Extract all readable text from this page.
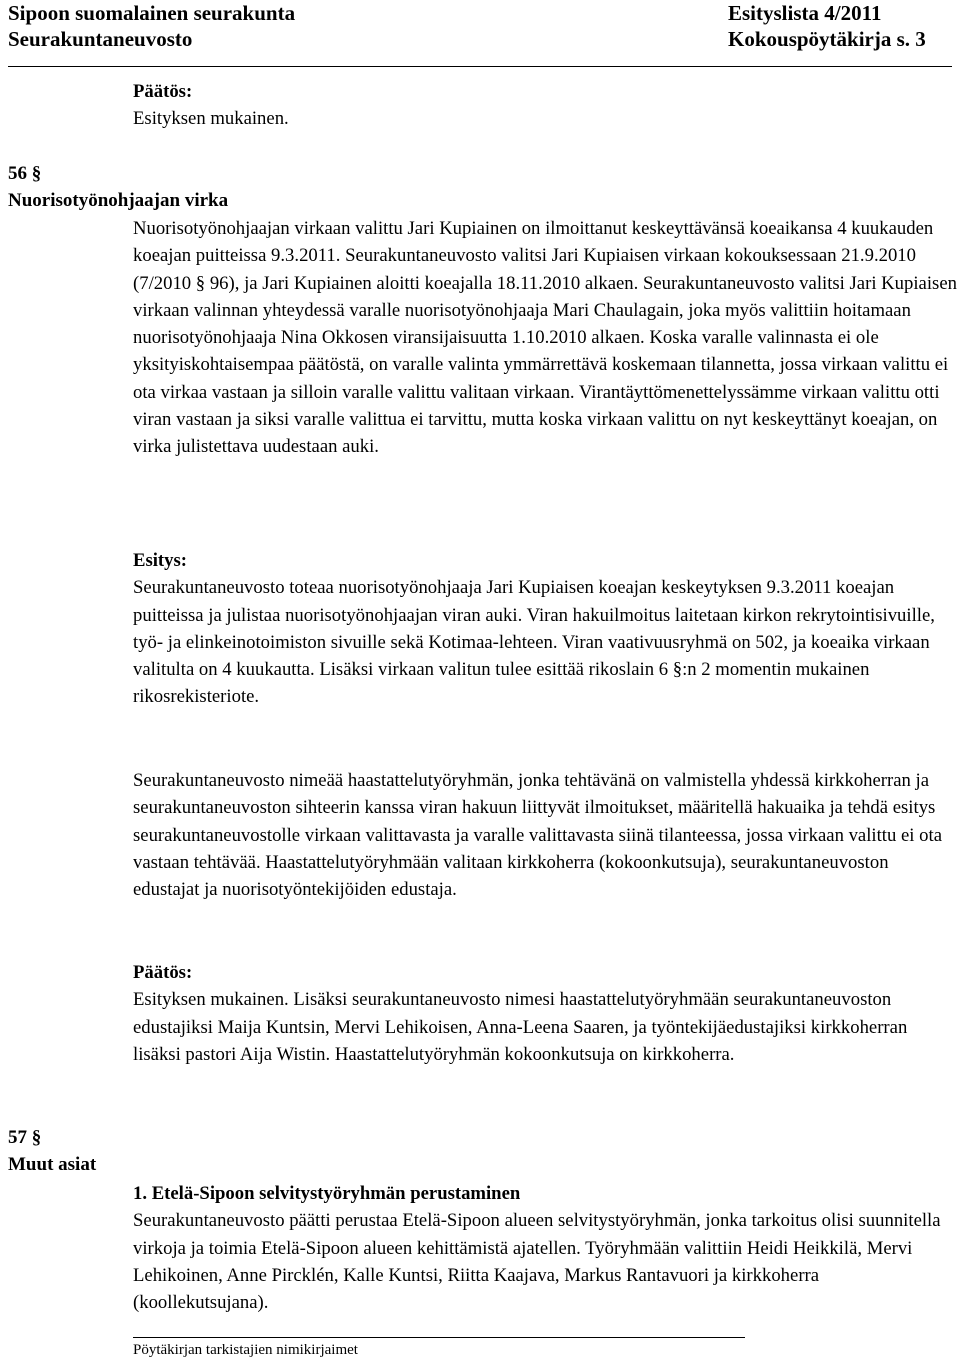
Sipoon suomalainen seurakunta	Esityslista 4/2011
Seurakuntaneuvosto	Kokouspöytäkirja s. 3
Päätös:
Esityksen mukainen.
56 §
Nuorisotyönohjaajan virka

Nuorisotyönohjaajan virkaan valittu Jari Kupiainen on ilmoittanut keskeyttävänsä koeaikansa 4 kuukauden koeajan puitteissa 9.3.2011. Seurakuntaneuvosto valitsi Jari Kupiaisen virkaan kokouksessaan 21.9.2010 (7/2010 § 96), ja Jari Kupiainen aloitti koeajalla 18.11.2010 alkaen. Seurakuntaneuvosto valitsi Jari Kupiaisen virkaan valinnan yhteydessä varalle nuorisotyönohjaaja Mari Chaulagain, joka myös valittiin hoitamaan nuorisotyönohjaaja Nina Okkosen viransijaisuutta 1.10.2010 alkaen. Koska varalle valinnasta ei ole yksityiskohtaisempaa päätöstä, on varalle valinta ymmärrettävä koskemaan tilannetta, jossa virkaan valittu ei ota virkaa vastaan ja silloin varalle valittu valitaan virkaan. Virantäyttömenettelyssämme virkaan valittu otti viran vastaan ja siksi varalle valittua ei tarvittu, mutta koska virkaan valittu on nyt keskeyttänyt koeajan, on virka julistettava uudestaan auki.

Esitys:

Seurakuntaneuvosto toteaa nuorisotyönohjaaja Jari Kupiaisen koeajan keskeytyksen 9.3.2011 koeajan puitteissa ja julistaa nuorisotyönohjaajan viran auki. Viran hakuilmoitus laitetaan kirkon rekrytointisivuille, työ- ja elinkeinotoimiston sivuille sekä Kotimaa-lehteen. Viran vaativuusryhmä on 502, ja koeaika virkaan valitulta on 4 kuukautta. Lisäksi virkaan valitun tulee esittää rikoslain 6 §:n 2 momentin mukainen rikosrekisteriote.

Seurakuntaneuvosto nimeää haastattelutyöryhmän, jonka tehtävänä on valmistella yhdessä kirkkoherran ja seurakuntaneuvoston sihteerin kanssa viran hakuun liittyvät ilmoitukset, määritellä hakuaika ja tehdä esitys seurakuntaneuvostolle virkaan valittavasta ja varalle valittavasta siinä tilanteessa, jossa virkaan valittu ei ota vastaan tehtävää. Haastattelutyöryhmään valitaan kirkkoherra (kokoonkutsuja), seurakuntaneuvoston edustajat ja nuorisotyöntekijöiden edustaja.

Päätös:

Esityksen mukainen. Lisäksi seurakuntaneuvosto nimesi haastattelutyöryhmään seurakuntaneuvoston edustajiksi Maija Kuntsin, Mervi Lehikoisen, Anna-Leena Saaren, ja työntekijäedustajiksi kirkkoherran lisäksi pastori Aija Wistin. Haastattelutyöryhmän kokoonkutsuja on kirkkoherra.

57 §
Muut asiat
1. Etelä-Sipoon selvitystyöryhmän perustaminen

Seurakuntaneuvosto päätti perustaa Etelä-Sipoon alueen selvitystyöryhmän, jonka tarkoitus olisi suunnitella virkoja ja toimia Etelä-Sipoon alueen kehittämistä ajatellen. Työryhmään valittiin Heidi Heikkilä, Mervi Lehikoinen, Anne Pircklén, Kalle Kuntsi, Riitta Kaajava, Markus Rantavuori ja kirkkoherra (koollekutsujana).

Pöytäkirjan tarkistajien nimikirjaimet
